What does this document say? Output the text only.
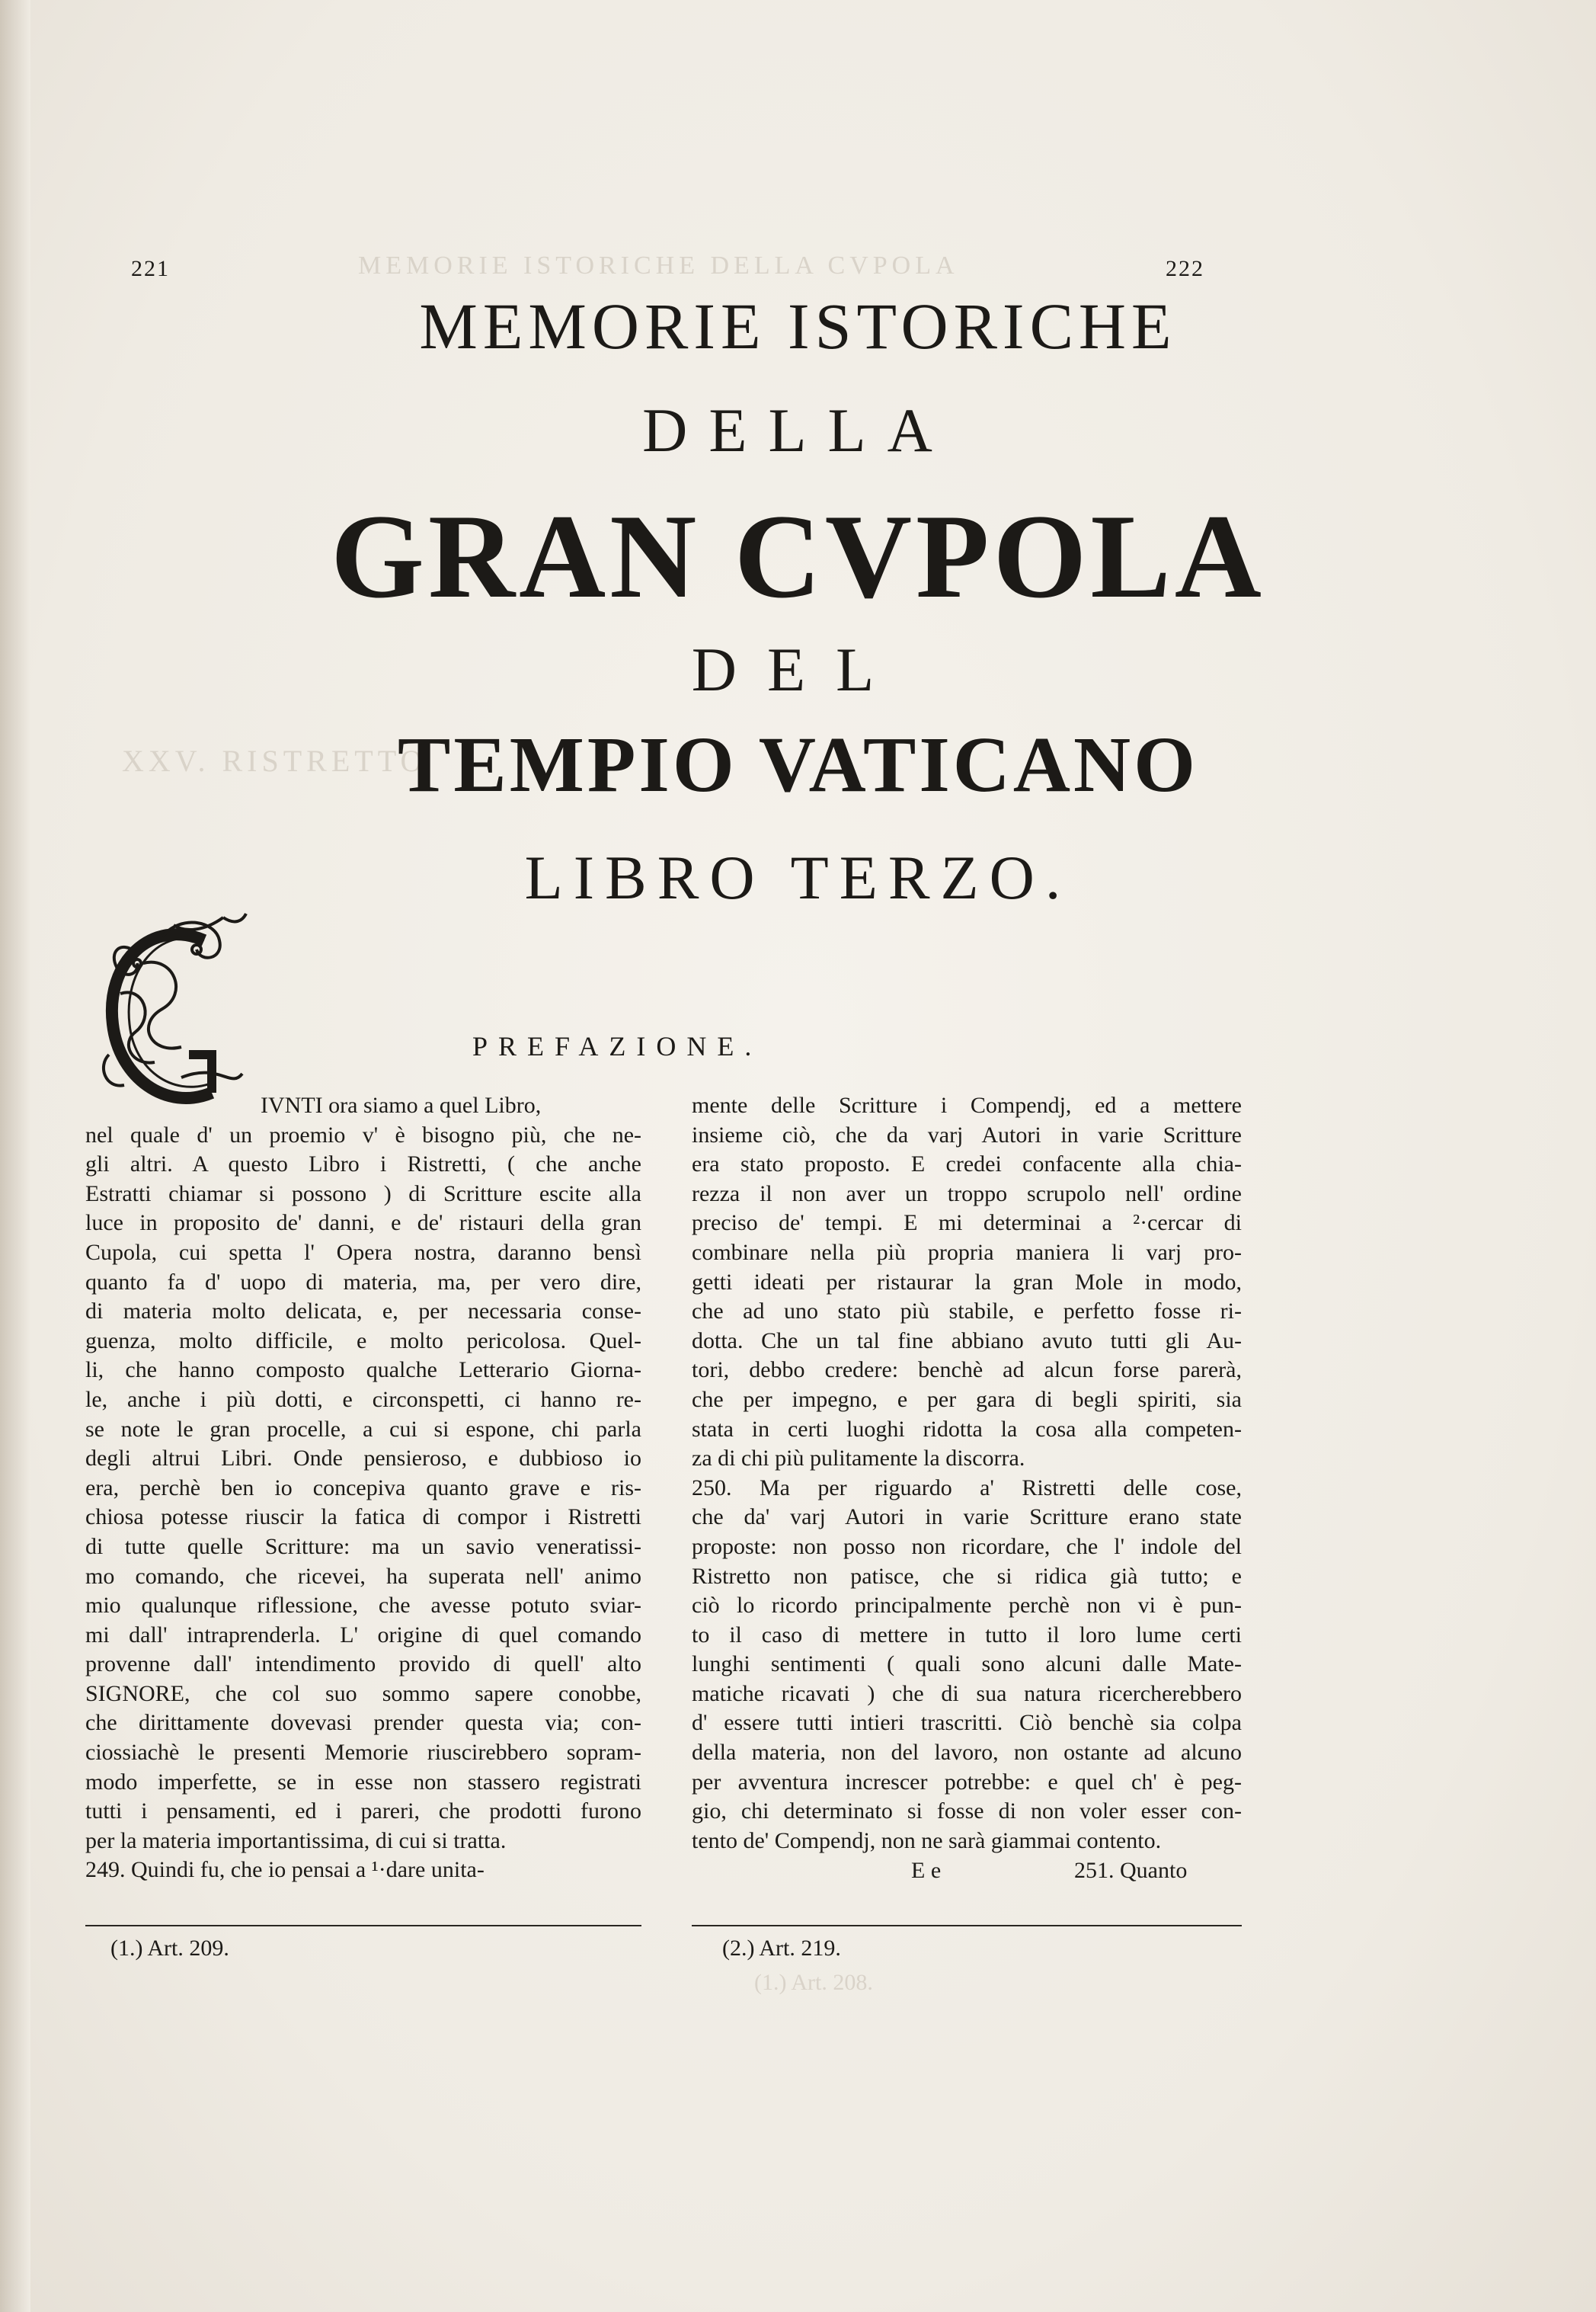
MEMORIE ISTORICHE DELLA CVPOLA
XXV. RISTRETTO
(1.) Art. 208.
221	222
MEMORIE ISTORICHE
DELLA
GRAN CVPOLA
DEL
TEMPIO VATICANO
LIBRO TERZO.
PREFAZIONE.
IVNTI ora siamo a quel Libro,
nel quale d' un proemio v' è bisogno più, che ne-
gli altri. A questo Libro i Ristretti, ( che anche
Estratti chiamar si possono ) di Scritture escite alla
luce in proposito de' danni, e de' ristauri della gran
Cupola, cui spetta l' Opera nostra, daranno bensì
quanto fa d' uopo di materia, ma, per vero dire,
di materia molto delicata, e, per necessaria conse-
guenza, molto difficile, e molto pericolosa. Quel-
li, che hanno composto qualche Letterario Giorna-
le, anche i più dotti, e circonspetti, ci hanno re-
se note le gran procelle, a cui si espone, chi parla
degli altrui Libri. Onde pensieroso, e dubbioso io
era, perchè ben io concepiva quanto grave e ris-
chiosa potesse riuscir la fatica di compor i Ristretti
di tutte quelle Scritture: ma un savio veneratissi-
mo comando, che ricevei, ha superata nell' animo
mio qualunque riflessione, che avesse potuto sviar-
mi dall' intraprenderla. L' origine di quel comando
provenne dall' intendimento provido di quell' alto
SIGNORE, che col suo sommo sapere conobbe,
che dirittamente dovevasi prender questa via; con-
ciossiachè le presenti Memorie riuscirebbero sopram-
modo imperfette, se in esse non stassero registrati
tutti i pensamenti, ed i pareri, che prodotti furono
per la materia importantissima, di cui si tratta.
249. Quindi fu, che io pensai a ¹·dare unita-
mente delle Scritture i Compendj, ed a mettere
insieme ciò, che da varj Autori in varie Scritture
era stato proposto. E credei confacente alla chia-
rezza il non aver un troppo scrupolo nell' ordine
preciso de' tempi. E mi determinai a ²·cercar di
combinare nella più propria maniera li varj pro-
getti ideati per ristaurar la gran Mole in modo,
che ad uno stato più stabile, e perfetto fosse ri-
dotta. Che un tal fine abbiano avuto tutti gli Au-
tori, debbo credere: benchè ad alcun forse parerà,
che per impegno, e per gara di begli spiriti, sia
stata in certi luoghi ridotta la cosa alla competen-
za di chi più pulitamente la discorra.
250. Ma per riguardo a' Ristretti delle cose,
che da' varj Autori in varie Scritture erano state
proposte: non posso non ricordare, che l' indole del
Ristretto non patisce, che si ridica già tutto; e
ciò lo ricordo principalmente perchè non vi è pun-
to il caso di mettere in tutto il loro lume certi
lunghi sentimenti ( quali sono alcuni dalle Mate-
matiche ricavati ) che di sua natura ricercherebbero
d' essere tutti intieri trascritti. Ciò benchè sia colpa
della materia, non del lavoro, non ostante ad alcuno
per avventura increscer potrebbe: e quel ch' è peg-
gio, chi determinato si fosse di non voler esser con-
tento de' Compendj, non ne sarà giammai contento.
E e	251. Quanto
(1.) Art. 209.	(2.) Art. 219.
